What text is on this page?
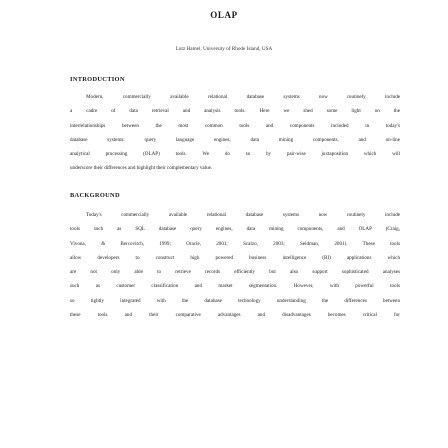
OLAP
Lutz Hamel, University of Rhode Island, USA
INTRODUCTION
Modern, commercially available relational database systems now routinely include
a cadre of data retrieval and analysis tools. Here we shed some light on the
interrelationships between the most common tools and components included in today's
database systems: query language engines, data mining components, and on-line
analytical processing (OLAP) tools. We do so by pair-wise juxtaposition which will
underscore their differences and highlight their complementary value.
BACKGROUND
Today's commercially available relational database systems now routinely include
tools such as SQL database query engines, data mining components, and OLAP (Craig,
Vivona, & Bercovitch, 1999; Oracle, 2001; Scalzo, 2003; Seidman, 2001). These tools
allow developers to construct high powered business intelligence (BI) applications which
are not only able to retrieve records efficiently but also support sophisticated analyses
such as customer classification and market segmentation. However, with powerful tools
so tightly integrated with the database technology understanding the differences between
these tools and their comparative advantages and disadvantages becomes critical for
